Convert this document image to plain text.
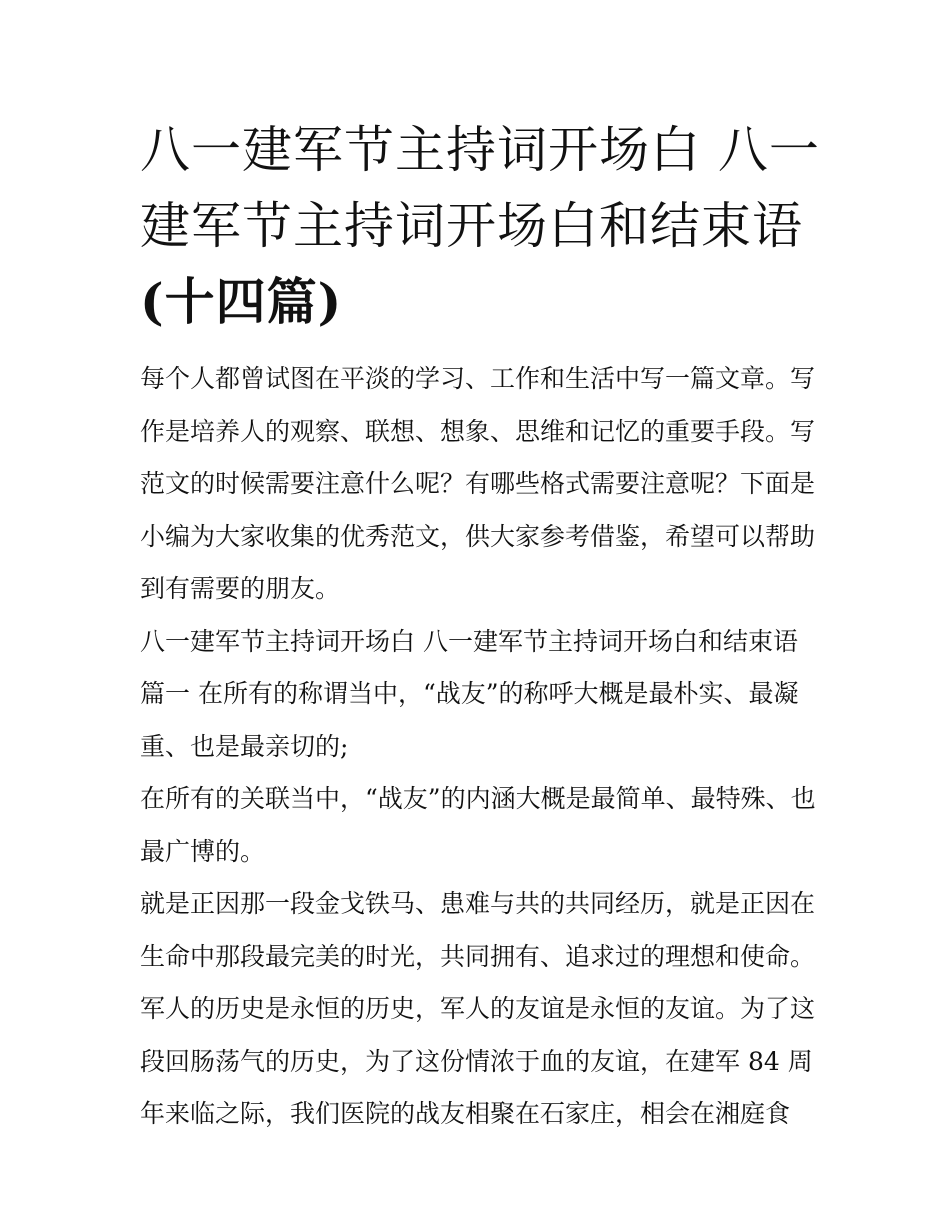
八一建军节主持词开场白 八一
建军节主持词开场白和结束语
(十四篇)
每个人都曾试图在平淡的学习、工作和生活中写一篇文章。写
作是培养人的观察、联想、想象、思维和记忆的重要手段。写
范文的时候需要注意什么呢？有哪些格式需要注意呢？下面是
小编为大家收集的优秀范文，供大家参考借鉴，希望可以帮助
到有需要的朋友。
八一建军节主持词开场白 八一建军节主持词开场白和结束语
篇一 在所有的称谓当中，“战友”的称呼大概是最朴实、最凝
重、也是最亲切的;
在所有的关联当中，“战友”的内涵大概是最简单、最特殊、也
最广博的。
就是正因那一段金戈铁马、患难与共的共同经历，就是正因在
生命中那段最完美的时光，共同拥有、追求过的理想和使命。
军人的历史是永恒的历史，军人的友谊是永恒的友谊。为了这
段回肠荡气的历史，为了这份情浓于血的友谊，在建军 84 周
年来临之际，我们医院的战友相聚在石家庄，相会在湘庭食
